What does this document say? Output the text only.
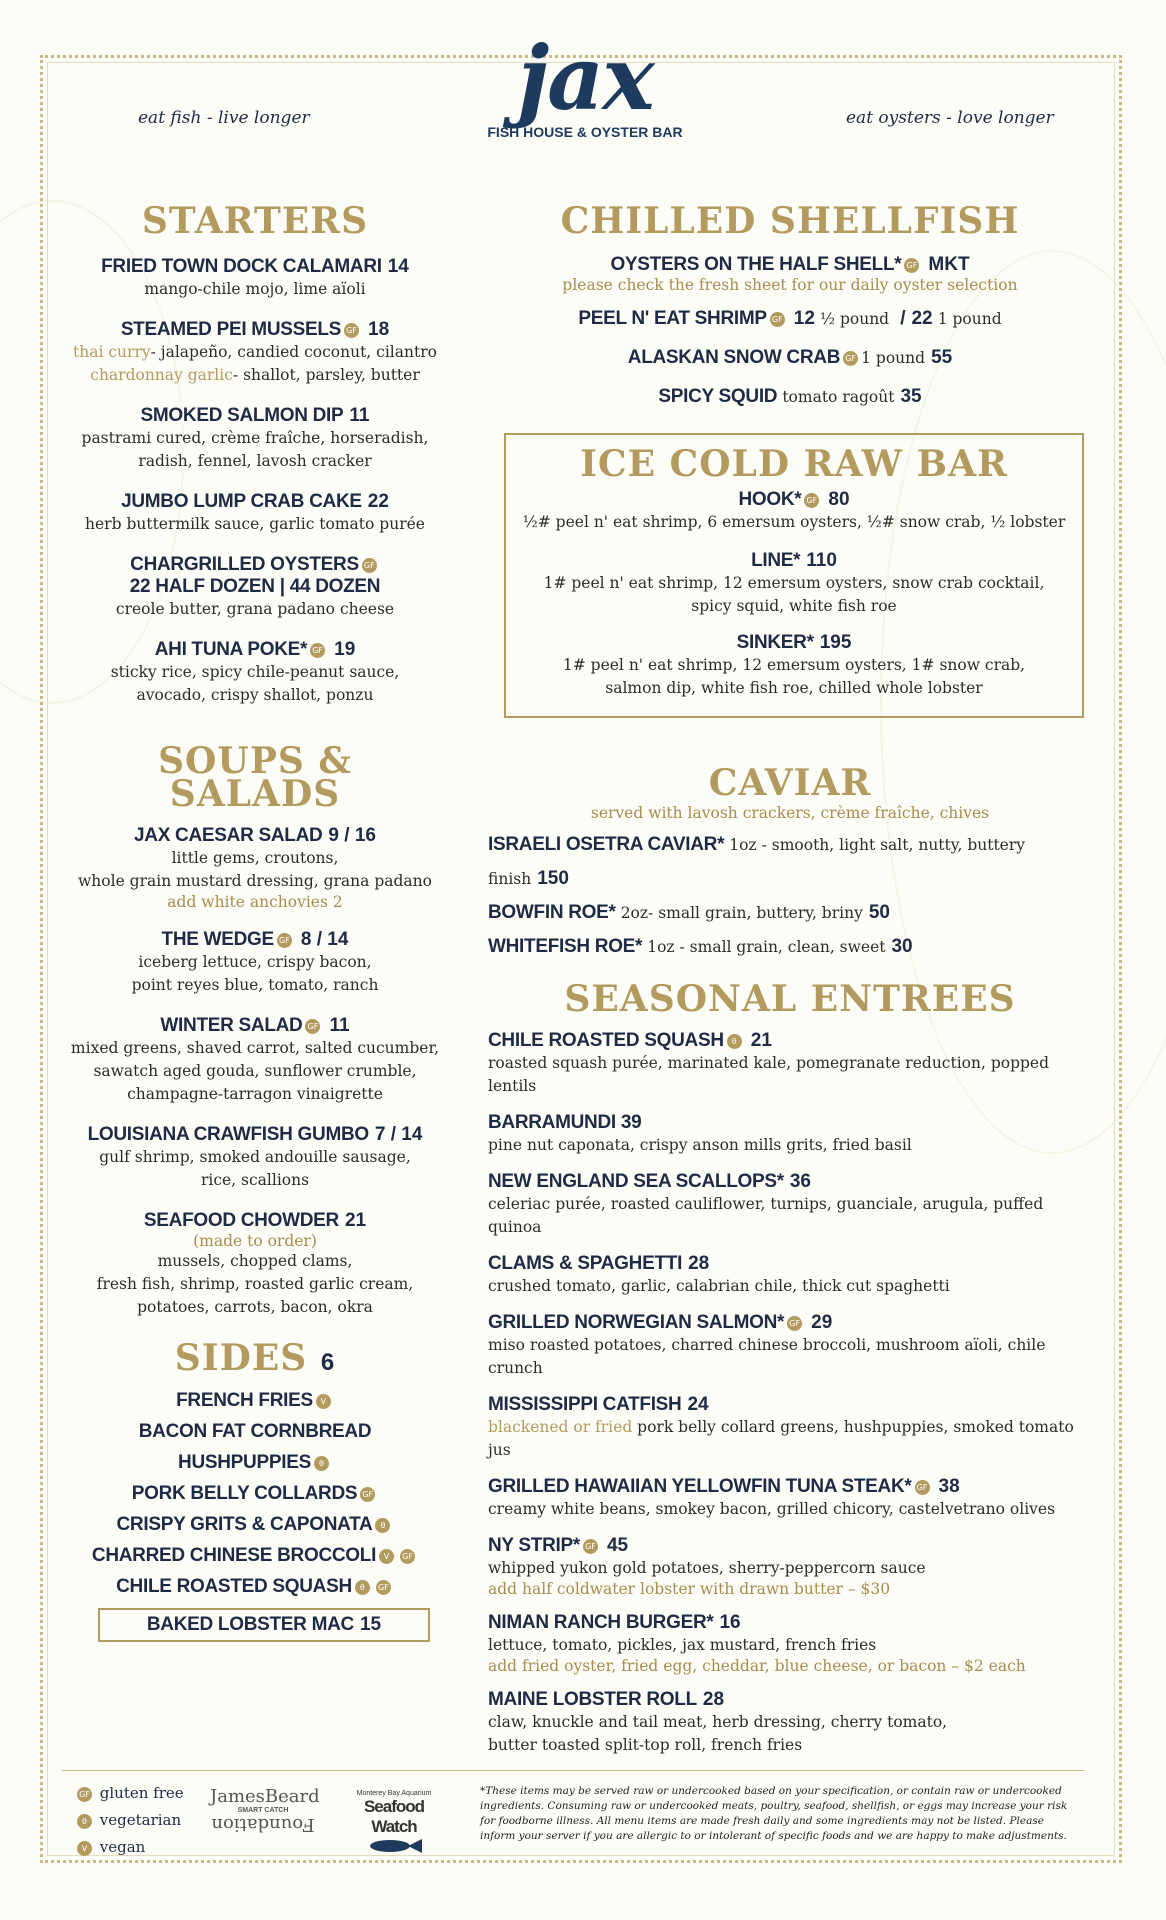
eat fish - live longer	eat oysters - love longer
jax
FISH HOUSE & OYSTER BAR
STARTERS
FRIED TOWN DOCK CALAMARI 14
mango-chile mojo, lime aïoli
STEAMED PEI MUSSELS GF 18
thai curry- jalapeño, candied coconut, cilantro
chardonnay garlic- shallot, parsley, butter
SMOKED SALMON DIP 11
pastrami cured, crème fraîche, horseradish,
radish, fennel, lavosh cracker
JUMBO LUMP CRAB CAKE 22
herb buttermilk sauce, garlic tomato purée
CHARGRILLED OYSTERS GF
22 HALF DOZEN | 44 DOZEN
creole butter, grana padano cheese
AHI TUNA POKE* GF 19
sticky rice, spicy chile-peanut sauce,
avocado, crispy shallot, ponzu
SOUPS &
SALADS
JAX CAESAR SALAD 9 / 16
little gems, croutons,
whole grain mustard dressing, grana padano
add white anchovies 2
THE WEDGE GF 8 / 14
iceberg lettuce, crispy bacon,
point reyes blue, tomato, ranch
WINTER SALAD GF 11
mixed greens, shaved carrot, salted cucumber,
sawatch aged gouda, sunflower crumble,
champagne-tarragon vinaigrette
LOUISIANA CRAWFISH GUMBO 7 / 14
gulf shrimp, smoked andouille sausage,
rice, scallions
SEAFOOD CHOWDER 21
(made to order)
mussels, chopped clams,
fresh fish, shrimp, roasted garlic cream,
potatoes, carrots, bacon, okra
SIDES 6
FRENCH FRIES V
BACON FAT CORNBREAD
HUSHPUPPIES θ
PORK BELLY COLLARDS GF
CRISPY GRITS & CAPONATA θ
CHARRED CHINESE BROCCOLI V GF
CHILE ROASTED SQUASH θ GF
BAKED LOBSTER MAC 15
CHILLED SHELLFISH
OYSTERS ON THE HALF SHELL* GF MKT
please check the fresh sheet for our daily oyster selection
PEEL N' EAT SHRIMP GF 12 ½ pound / 22 1 pound
ALASKAN SNOW CRAB GF 1 pound 55
SPICY SQUID tomato ragoût 35
ICE COLD RAW BAR
HOOK* GF 80
½# peel n' eat shrimp, 6 emersum oysters, ½# snow crab, ½ lobster
LINE* 110
1# peel n' eat shrimp, 12 emersum oysters, snow crab cocktail,
spicy squid, white fish roe
SINKER* 195
1# peel n' eat shrimp, 12 emersum oysters, 1# snow crab,
salmon dip, white fish roe, chilled whole lobster
CAVIAR
served with lavosh crackers, crème fraîche, chives
ISRAELI OSETRA CAVIAR* 1oz - smooth, light salt, nutty, buttery finish 150
BOWFIN ROE* 2oz- small grain, buttery, briny 50
WHITEFISH ROE* 1oz - small grain, clean, sweet 30
SEASONAL ENTREES
CHILE ROASTED SQUASH θ 21
roasted squash purée, marinated kale, pomegranate reduction, popped lentils
BARRAMUNDI 39
pine nut caponata, crispy anson mills grits, fried basil
NEW ENGLAND SEA SCALLOPS* 36
celeriac purée, roasted cauliflower, turnips, guanciale, arugula, puffed quinoa
CLAMS & SPAGHETTI 28
crushed tomato, garlic, calabrian chile, thick cut spaghetti
GRILLED NORWEGIAN SALMON* GF 29
miso roasted potatoes, charred chinese broccoli, mushroom aïoli, chile crunch
MISSISSIPPI CATFISH 24
blackened or fried pork belly collard greens, hushpuppies, smoked tomato jus
GRILLED HAWAIIAN YELLOWFIN TUNA STEAK* GF 38
creamy white beans, smokey bacon, grilled chicory, castelvetrano olives
NY STRIP* GF 45
whipped yukon gold potatoes, sherry-peppercorn sauce
add half coldwater lobster with drawn butter – $30
NIMAN RANCH BURGER* 16
lettuce, tomato, pickles, jax mustard, french fries
add fried oyster, fried egg, cheddar, blue cheese, or bacon – $2 each
MAINE LOBSTER ROLL 28
claw, knuckle and tail meat, herb dressing, cherry tomato,
butter toasted split-top roll, french fries
GF gluten free
θ vegetarian
V vegan
JamesBeard
SMART CATCH
Foundation
Monterey Bay Aquarium
Seafood Watch
*These items may be served raw or undercooked based on your specification, or contain raw or undercooked ingredients. Consuming raw or undercooked meats, poultry, seafood, shellfish, or eggs may increase your risk for foodborne illness. All menu items are made fresh daily and some ingredients may not be listed. Please inform your server if you are allergic to or intolerant of specific foods and we are happy to make adjustments.
